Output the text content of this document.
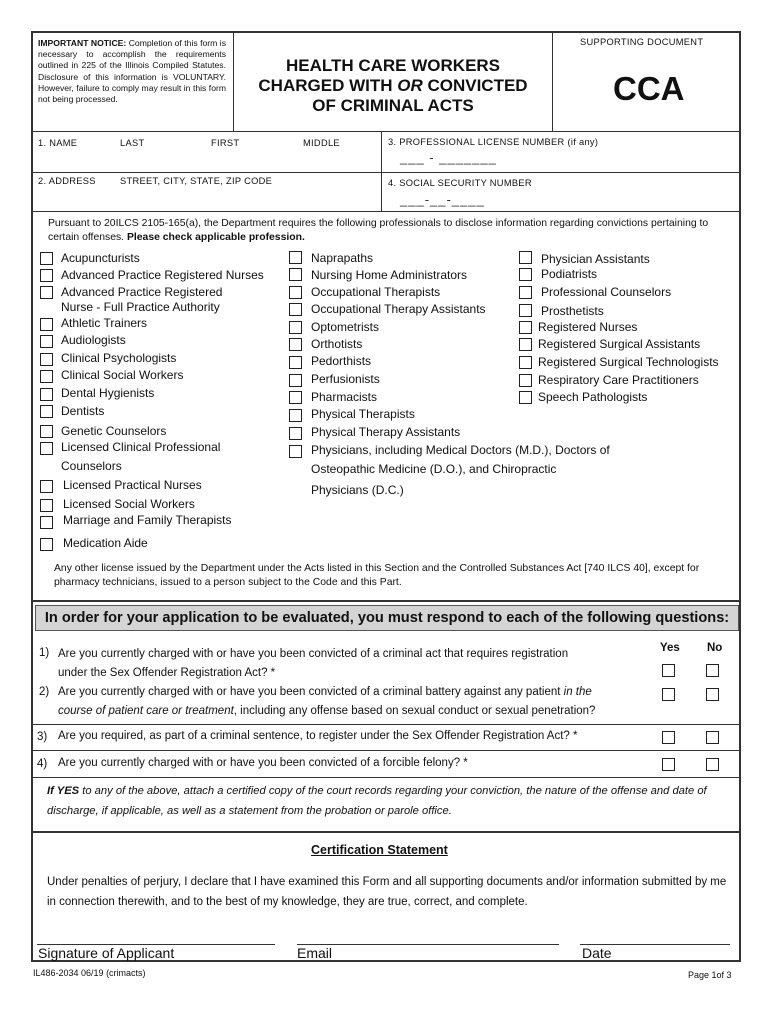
IMPORTANT NOTICE: Completion of this form is necessary to accomplish the requirements outlined in 225 of the Illinois Compiled Statutes. Disclosure of this information is VOLUNTARY. However, failure to comply may result in this form not being processed.
HEALTH CARE WORKERS
CHARGED WITH OR CONVICTED
OF CRIMINAL ACTS
SUPPORTING DOCUMENT
CCA
1. NAME	LAST	FIRST	MIDDLE	3. PROFESSIONAL LICENSE NUMBER (if any)
___ - _______
2. ADDRESS	STREET, CITY, STATE, ZIP CODE	4. SOCIAL SECURITY NUMBER
___-__-____
Pursuant to 20ILCS 2105-165(a), the Department requires the following professionals to disclose information regarding convictions pertaining to certain offenses. Please check applicable profession.
Acupuncturists
Advanced Practice Registered Nurses
Advanced Practice Registered
Nurse - Full Practice Authority
Athletic Trainers
Audiologists
Clinical Psychologists
Clinical Social Workers
Dental Hygienists
Dentists
Genetic Counselors
Licensed Clinical Professional
Counselors
Licensed Practical Nurses
Licensed Social Workers
Marriage and Family Therapists
Medication Aide
Naprapaths
Nursing Home Administrators
Occupational Therapists
Occupational Therapy Assistants
Optometrists
Orthotists
Pedorthists
Perfusionists
Pharmacists
Physical Therapists
Physical Therapy Assistants
Physicians, including Medical Doctors (M.D.), Doctors of
Osteopathic Medicine (D.O.), and Chiropractic
Physicians (D.C.)
Physician Assistants
Podiatrists
Professional Counselors
Prosthetists
Registered Nurses
Registered Surgical Assistants
Registered Surgical Technologists
Respiratory Care Practitioners
Speech Pathologists
Any other license issued by the Department under the Acts listed in this Section and the Controlled Substances Act [740 ILCS 40], except for pharmacy technicians, issued to a person subject to the Code and this Part.
In order for your application to be evaluated, you must respond to each of the following questions:
Yes No
1) Are you currently charged with or have you been convicted of a criminal act that requires registration
under the Sex Offender Registration Act? *
2) Are you currently charged with or have you been convicted of a criminal battery against any patient in the
course of patient care or treatment, including any offense based on sexual conduct or sexual penetration?
3) Are you required, as part of a criminal sentence, to register under the Sex Offender Registration Act? *
4) Are you currently charged with or have you been convicted of a forcible felony? *
If YES to any of the above, attach a certified copy of the court records regarding your conviction, the nature of the offense and date of discharge, if applicable, as well as a statement from the probation or parole office.
Certification Statement
Under penalties of perjury, I declare that I have examined this Form and all supporting documents and/or information submitted by me in connection therewith, and to the best of my knowledge, they are true, correct, and complete.
Signature of Applicant	Email	Date
IL486-2034 06/19 (crimacts)	Page 1of 3
